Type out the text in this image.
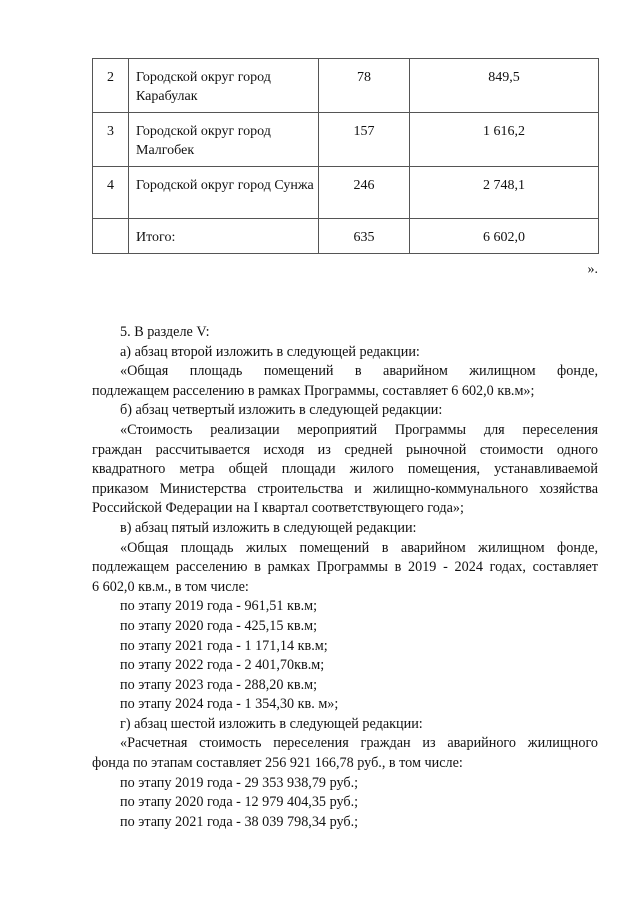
2	Городской округ город Карабулак	78	849,5
3	Городской округ город Малгобек	157	1 616,2
4	Городской округ город Сунжа	246	2 748,1
	Итого:	635	6 602,0
».

5. В разделе V:

а) абзац второй изложить в следующей редакции:

«Общая площадь помещений в аварийном жилищном фонде,

подлежащем расселению в рамках Программы, составляет 6 602,0 кв.м»;

б) абзац четвертый изложить в следующей редакции:

«Стоимость реализации мероприятий Программы для переселения

граждан рассчитывается исходя из средней рыночной стоимости одного

квадратного метра общей площади жилого помещения, устанавливаемой

приказом Министерства строительства и жилищно-коммунального хозяйства

Российской Федерации на I квартал соответствующего года»;

в) абзац пятый изложить в следующей редакции:

«Общая площадь жилых помещений в аварийном жилищном фонде,

подлежащем расселению в рамках Программы в 2019 - 2024 годах, составляет

6 602,0 кв.м., в том числе:

по этапу 2019 года - 961,51 кв.м;

по этапу 2020 года - 425,15 кв.м;

по этапу 2021 года - 1 171,14 кв.м;

по этапу 2022 года - 2 401,70кв.м;

по этапу 2023 года - 288,20 кв.м;

по этапу 2024 года - 1 354,30 кв. м»;

г) абзац шестой изложить в следующей редакции:

«Расчетная стоимость переселения граждан из аварийного жилищного

фонда по этапам составляет 256 921 166,78 руб., в том числе:

по этапу 2019 года - 29 353 938,79 руб.;

по этапу 2020 года - 12 979 404,35 руб.;

по этапу 2021 года - 38 039 798,34 руб.;
